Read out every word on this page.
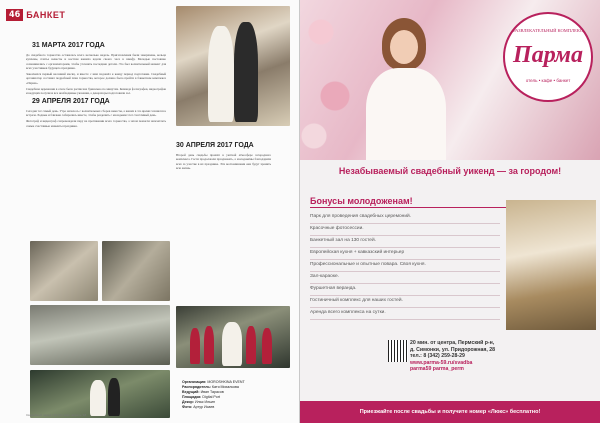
46 БАНКЕТ
31 МАРТА 2017 ГОДА

До свадебного торжества оставалась всего несколько недель. Приготовления были завершены, кольца куплены, платье невесты и костюм жениха ждали своего часа в шкафу. Молодые постоянно созванивались с организаторами, чтобы уточнить последние детали. Это был волнительный момент для всех участников будущего праздника.

Закончился первый весенний месяц, и вместе с ним подошёл к концу период подготовки. Свадебный организатор составил подробный план торжества, которое должно было пройти в банкетном комплексе «Парма».

Свадебная церемония в отеле была расписана буквально по минутам. Команда фотографов, видеографов и ведущих получила все необходимые указания, а декораторы подготовили зал.

29 АПРЕЛЯ 2017 ГОДА

Сегодня тот самый день. Утро началось с волнительных сборов невесты, а жених в это время готовился к встрече. Родные и близкие собирались вместе, чтобы разделить с молодыми этот счастливый день.

Фотограф и видеограф сопровождали пару на протяжении всего торжества, а затем помогли запечатлеть самые счастливые моменты праздника.

30 АПРЕЛЯ 2017 ГОДА

Второй день свадьбы прошёл в уютной атмосфере загородного комплекса. Гости продолжали праздновать, а молодожёны благодарили всех за участие в их празднике. Эти воспоминания они будут хранить всю жизнь.

Организация: MOROSHKINA EVENT
Распорядитель: Катя Михалкова
Ведущий: Иван Тарасов
Площадка: Digital Port
Декор: Илья Ильин
Фото: Артур Исаев
Свадебный парад | 33 (4) | март-апрель '18
РАЗВЛЕКАТЕЛЬНЫЙ КОМПЛЕКС
Парма
отель • кафе • банкет
Незабываемый свадебный уикенд — за городом!
Бонусы молодоженам!
Парк для проведения свадебных церемоний.
Красочные фотосессии.
Банкетный зал на 130 гостей.
Европейская кухня + кавказский интерьер
Профессиональные и опытные повара. Своя кухня.
Зал-караоке.
Фуршетная веранда.
Гостиничный комплекс для наших гостей.
Аренда всего комплекса на сутки.
20 мин. от центра, Пермский р-н,
д. Симонки, ул. Придорожная, 28
тел.: 8 (342) 259-28-29
www.parma-59.ru/svadba
parma59 parma_perm
Приезжайте после свадьбы и получите номер «Люкс» бесплатно!
